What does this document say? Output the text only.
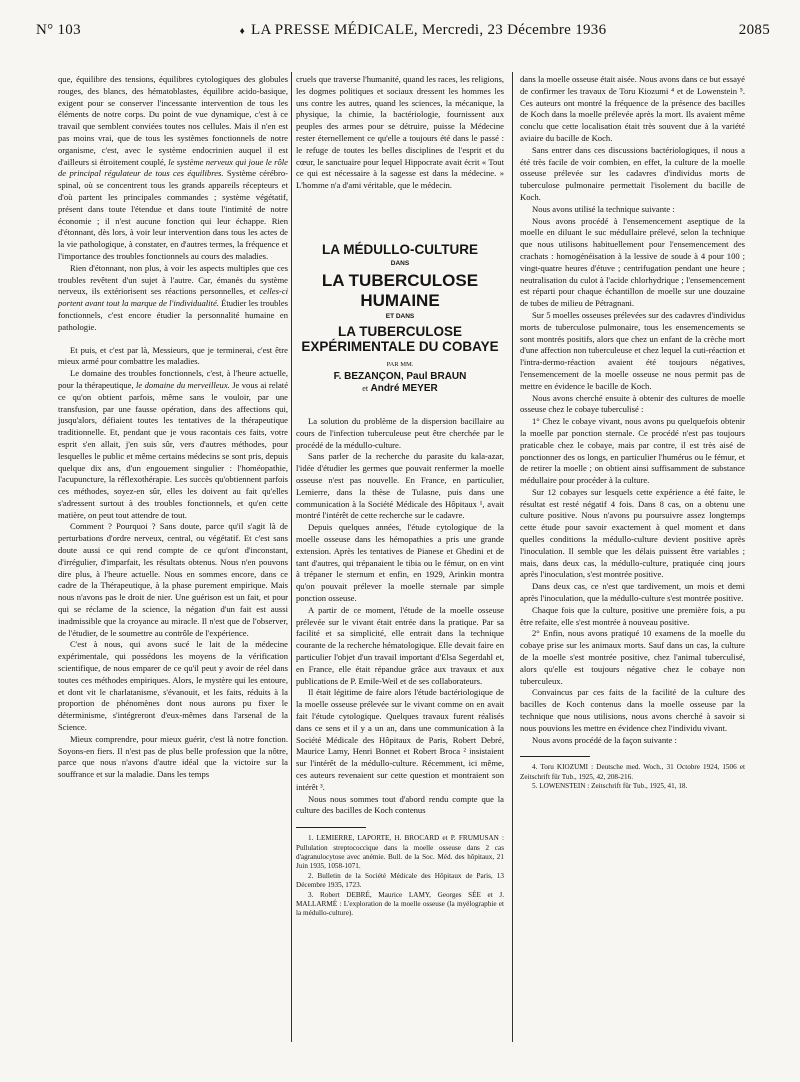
N° 103	♦ LA PRESSE MÉDICALE, Mercredi, 23 Décembre 1936	2085

que, équilibre des tensions, équilibres cytologiques des globules rouges, des blancs, des hématoblastes, équilibre acido-basique, exigent pour se conserver l'incessante intervention de tous les éléments de notre corps. Du point de vue dynamique, c'est à ce travail que semblent conviées toutes nos cellules. Mais il n'en est pas moins vrai, que de tous les systèmes fonctionnels de notre organisme, c'est, avec le système endocrinien auquel il est d'ailleurs si étroitement couplé, le système nerveux qui joue le rôle de principal régulateur de tous ces équilibres. Système cérébro-spinal, où se concentrent tous les grands appareils récepteurs et d'où partent les principales commandes ; système végétatif, présent dans toute l'étendue et dans toute l'intimité de notre économie ; il n'est aucune fonction qui leur échappe. Rien d'étonnant, dès lors, à voir leur intervention dans tous les actes de la vie pathologique, à constater, en d'autres termes, la fréquence et l'importance des troubles fonctionnels au cours des maladies.

Rien d'étonnant, non plus, à voir les aspects multiples que ces troubles revêtent d'un sujet à l'autre. Car, émanés du système nerveux, ils extériorisent ses réactions personnelles, et celles-ci portent avant tout la marque de l'individualité. Étudier les troubles fonctionnels, c'est encore étudier la personnalité humaine en pathologie.

Et puis, et c'est par là, Messieurs, que je terminerai, c'est être mieux armé pour combattre les maladies.

Le domaine des troubles fonctionnels, c'est, à l'heure actuelle, pour la thérapeutique, le domaine du merveilleux. Je vous ai relaté ce qu'on obtient parfois, même sans le vouloir, par une transfusion, par une fausse opération, dans des affections qui, jusqu'alors, défiaient toutes les tentatives de la thérapeutique traditionnelle. Et, pendant que je vous racontais ces faits, votre esprit s'en allait, j'en suis sûr, vers d'autres méthodes, pour lesquelles le public et même certains médecins se sont pris, depuis quelque dix ans, d'un engouement singulier : l'homéopathie, l'acupuncture, la réflexothérapie. Les succès qu'obtiennent parfois ces méthodes, soyez-en sûr, elles les doivent au fait qu'elles s'adressent surtout à des troubles fonctionnels, et qu'en cette matière, on peut tout attendre de tout.

Comment ? Pourquoi ? Sans doute, parce qu'il s'agit là de perturbations d'ordre nerveux, central, ou végétatif. Et c'est sans doute aussi ce qui rend compte de ce qu'ont d'inconstant, d'irrégulier, d'imparfait, les résultats obtenus. Nous n'en pouvons dire plus, à l'heure actuelle. Nous en sommes encore, dans ce cadre de la Thérapeutique, à la phase purement empirique. Mais nous n'avons pas le droit de nier. Une guérison est un fait, et pour qui se réclame de la science, la négation d'un fait est aussi inadmissible que la croyance au miracle. Il n'est que de l'observer, de l'étudier, de le soumettre au contrôle de l'expérience.

C'est à nous, qui avons sucé le lait de la médecine expérimentale, qui possédons les moyens de la vérification scientifique, de nous emparer de ce qu'il peut y avoir de réel dans toutes ces méthodes empiriques. Alors, le mystère qui les entoure, et dont vit le charlatanisme, s'évanouit, et les faits, réduits à la proportion de phénomènes dont nous aurons pu fixer le déterminisme, s'intégreront d'eux-mêmes dans l'arsenal de la Science.

Mieux comprendre, pour mieux guérir, c'est là notre fonction. Soyons-en fiers. Il n'est pas de plus belle profession que la nôtre, parce que nous n'avons d'autre idéal que la victoire sur la souffrance et sur la maladie. Dans les temps

cruels que traverse l'humanité, quand les races, les religions, les dogmes politiques et sociaux dressent les hommes les uns contre les autres, quand les sciences, la mécanique, la physique, la chimie, la bactériologie, fournissent aux peuples des armes pour se détruire, puisse la Médecine rester éternellement ce qu'elle a toujours été dans le passé : le refuge de toutes les belles disciplines de l'esprit et du cœur, le sanctuaire pour lequel Hippocrate avait écrit « Tout ce qui est nécessaire à la sagesse est dans la médecine. » L'homme n'a d'ami véritable, que le médecin.

LA MÉDULLO-CULTURE
DANS
LA TUBERCULOSE HUMAINE
ET DANS
LA TUBERCULOSE EXPÉRIMENTALE DU COBAYE
PAR MM.
F. BEZANÇON, Paul BRAUN
et André MEYER

La solution du problème de la dispersion bacillaire au cours de l'infection tuberculeuse peut être cherchée par le procédé de la médullo-culture.

Sans parler de la recherche du parasite du kala-azar, l'idée d'étudier les germes que pouvait renfermer la moelle osseuse n'est pas nouvelle. En France, en particulier, Lemierre, dans la thèse de Tulasne, puis dans une communication à la Société Médicale des Hôpitaux ¹, avait montré l'intérêt de cette recherche sur le cadavre.

Depuis quelques années, l'étude cytologique de la moelle osseuse dans les hémopathies a pris une grande extension. Après les tentatives de Pianese et Ghedini et de tant d'autres, qui trépanaient le tibia ou le fémur, on en vint à trépaner le sternum et enfin, en 1929, Arinkin montra qu'on pouvait prélever la moelle sternale par simple ponction osseuse.

A partir de ce moment, l'étude de la moelle osseuse prélevée sur le vivant était entrée dans la pratique. Par sa facilité et sa simplicité, elle entrait dans la technique courante de la recherche hématologique. Elle devait faire en particulier l'objet d'un travail important d'Elsa Segerdahl et, en France, elle était répandue grâce aux travaux et aux publications de P. Emile-Weil et de ses collaborateurs.

Il était légitime de faire alors l'étude bactériologique de la moelle osseuse prélevée sur le vivant comme on en avait fait l'étude cytologique. Quelques travaux furent réalisés dans ce sens et il y a un an, dans une communication à la Société Médicale des Hôpitaux de Paris, Robert Debré, Maurice Lamy, Henri Bonnet et Robert Broca ² insistaient sur l'intérêt de la médullo-culture. Récemment, ici même, ces auteurs revenaient sur cette question et montraient son intérêt ³.

Nous nous sommes tout d'abord rendu compte que la culture des bacilles de Koch contenus

1. LEMIERRE, LAPORTE, H. BROCARD et P. FRUMUSAN : Pullulation streptococcique dans la moelle osseuse dans 2 cas d'agranulocytose avec anémie. Bull. de la Soc. Méd. des hôpitaux, 21 Juin 1935, 1058-1071.

2. Bulletin de la Société Médicale des Hôpitaux de Paris, 13 Décembre 1935, 1723.

3. Robert DEBRÉ, Maurice LAMY, Georges SÉE et J. MALLARMÉ : L'exploration de la moelle osseuse (la myélographie et la médullo-culture).

dans la moelle osseuse était aisée. Nous avons dans ce but essayé de confirmer les travaux de Toru Kiozumi ⁴ et de Lowenstein ⁵. Ces auteurs ont montré la fréquence de la présence des bacilles de Koch dans la moelle prélevée après la mort. Ils avaient même conclu que cette localisation était très souvent due à la variété aviaire du bacille de Koch.

Sans entrer dans ces discussions bactériologiques, il nous a été très facile de voir combien, en effet, la culture de la moelle osseuse prélevée sur les cadavres d'individus morts de tuberculose pulmonaire permettait l'isolement du bacille de Koch.

Nous avons utilisé la technique suivante :

Nous avons procédé à l'ensemencement aseptique de la moelle en diluant le suc médullaire prélevé, selon la technique que nous utilisons habituellement pour l'ensemencement des crachats : homogénéisation à la lessive de soude à 4 pour 100 ; vingt-quatre heures d'étuve ; centrifugation pendant une heure ; neutralisation du culot à l'acide chlorhydrique ; l'ensemencement est réparti pour chaque échantillon de moelle sur une douzaine de tubes de milieu de Pétragnani.

Sur 5 moelles osseuses prélevées sur des cadavres d'individus morts de tuberculose pulmonaire, tous les ensemencements se sont montrés positifs, alors que chez un enfant de la crèche mort d'une affection non tuberculeuse et chez lequel la cuti-réaction et l'intra-dermo-réaction avaient été toujours négatives, l'ensemencement de la moelle osseuse ne nous permit pas de mettre en évidence le bacille de Koch.

Nous avons cherché ensuite à obtenir des cultures de moelle osseuse chez le cobaye tuberculisé :

1° Chez le cobaye vivant, nous avons pu quelquefois obtenir la moelle par ponction sternale. Ce procédé n'est pas toujours praticable chez le cobaye, mais par contre, il est très aisé de ponctionner des os longs, en particulier l'humérus ou le fémur, et de retirer la moelle ; on obtient ainsi suffisamment de substance médullaire pour procéder à la culture.

Sur 12 cobayes sur lesquels cette expérience a été faite, le résultat est resté négatif 4 fois. Dans 8 cas, on a obtenu une culture positive. Nous n'avons pu poursuivre assez longtemps cette étude pour savoir exactement à quel moment et dans quelles conditions la médullo-culture devient positive après l'inoculation. Il semble que les délais puissent être variables ; mais, dans deux cas, la médullo-culture, pratiquée cinq jours après l'inoculation, s'est montrée positive.

Dans deux cas, ce n'est que tardivement, un mois et demi après l'inoculation, que la médullo-culture s'est montrée positive.

Chaque fois que la culture, positive une première fois, a pu être refaite, elle s'est montrée à nouveau positive.

2° Enfin, nous avons pratiqué 10 examens de la moelle du cobaye prise sur les animaux morts. Sauf dans un cas, la culture de la moelle s'est montrée positive, chez l'animal tuberculisé, alors qu'elle est toujours négative chez le cobaye non tuberculeux.

Convaincus par ces faits de la facilité de la culture des bacilles de Koch contenus dans la moelle osseuse par la technique que nous utilisions, nous avons cherché à savoir si nous pouvions les mettre en évidence chez l'individu vivant.

Nous avons procédé de la façon suivante :

4. Toru KIOZUMI : Deutsche med. Woch., 31 Octobre 1924, 1506 et Zeitschrift für Tub., 1925, 42, 208-216.

5. LOWENSTEIN : Zeitschrift für Tub., 1925, 41, 18.
